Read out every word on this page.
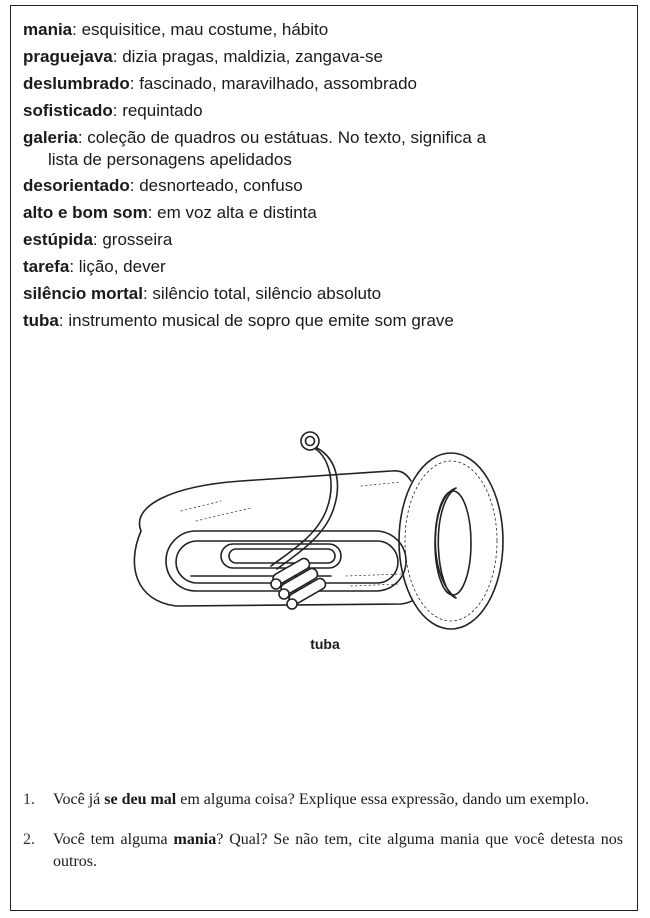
mania: esquisitice, mau costume, hábito

praguejava: dizia pragas, maldizia, zangava-se

deslumbrado: fascinado, maravilhado, assombrado

sofisticado: requintado

galeria: coleção de quadros ou estátuas. No texto, significa a
lista de personagens apelidados

desorientado: desnorteado, confuso

alto e bom som: em voz alta e distinta

estúpida: grosseira

tarefa: lição, dever

silêncio mortal: silêncio total, silêncio absoluto

tuba: instrumento musical de sopro que emite som grave

tuba
1.	Você já se deu mal em alguma coisa? Explique essa expressão, dando um exemplo.
2.	Você tem alguma mania? Qual? Se não tem, cite alguma mania que você detesta nos outros.
